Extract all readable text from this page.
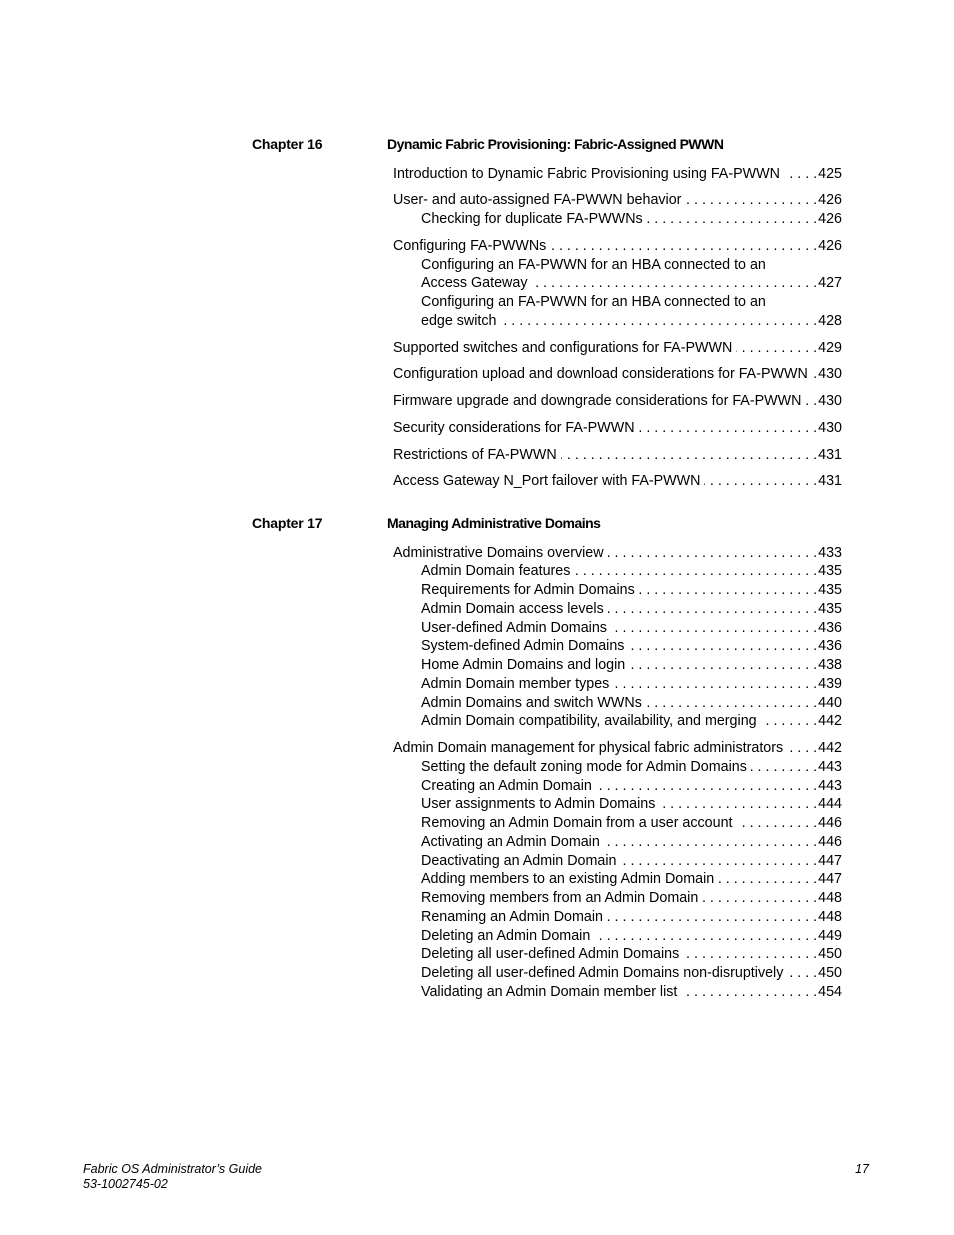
Chapter 16	Dynamic Fabric Provisioning: Fabric-Assigned PWWN
Introduction to Dynamic Fabric Provisioning using FA-PWWN . . .	425
User- and auto-assigned FA-PWWN behavior . . .	426
Checking for duplicate FA-PWWNs . . .	426
Configuring FA-PWWNs . . .	426
Configuring an FA-PWWN for an HBA connected to an
Access Gateway . . .	427
Configuring an FA-PWWN for an HBA connected to an
edge switch . . .	428
Supported switches and configurations for FA-PWWN . . .	429
Configuration upload and download considerations for FA-PWWN . . . 430
Firmware upgrade and downgrade considerations for FA-PWWN . . . 430
Security considerations for FA-PWWN . . .	430
Restrictions of FA-PWWN . . .	431
Access Gateway N_Port failover with FA-PWWN . . .	431
Chapter 17	Managing Administrative Domains
Administrative Domains overview . . .	433
Admin Domain features . . .	435
Requirements for Admin Domains . . .	435
Admin Domain access levels . . .	435
User-defined Admin Domains . . .	436
System-defined Admin Domains . . .	436
Home Admin Domains and login . . .	438
Admin Domain member types . . .	439
Admin Domains and switch WWNs . . .	440
Admin Domain compatibility, availability, and merging . . .	442
Admin Domain management for physical fabric administrators . . . 442
Setting the default zoning mode for Admin Domains . . .	443
Creating an Admin Domain . . .	443
User assignments to Admin Domains . . .	444
Removing an Admin Domain from a user account . . .	446
Activating an Admin Domain . . .	446
Deactivating an Admin Domain . . .	447
Adding members to an existing Admin Domain . . .	447
Removing members from an Admin Domain . . .	448
Renaming an Admin Domain . . .	448
Deleting an Admin Domain . . .	449
Deleting all user-defined Admin Domains . . .	450
Deleting all user-defined Admin Domains non-disruptively . . . 450
Validating an Admin Domain member list . . .	454
Fabric OS Administrator’s Guide
53-1002745-02
17
